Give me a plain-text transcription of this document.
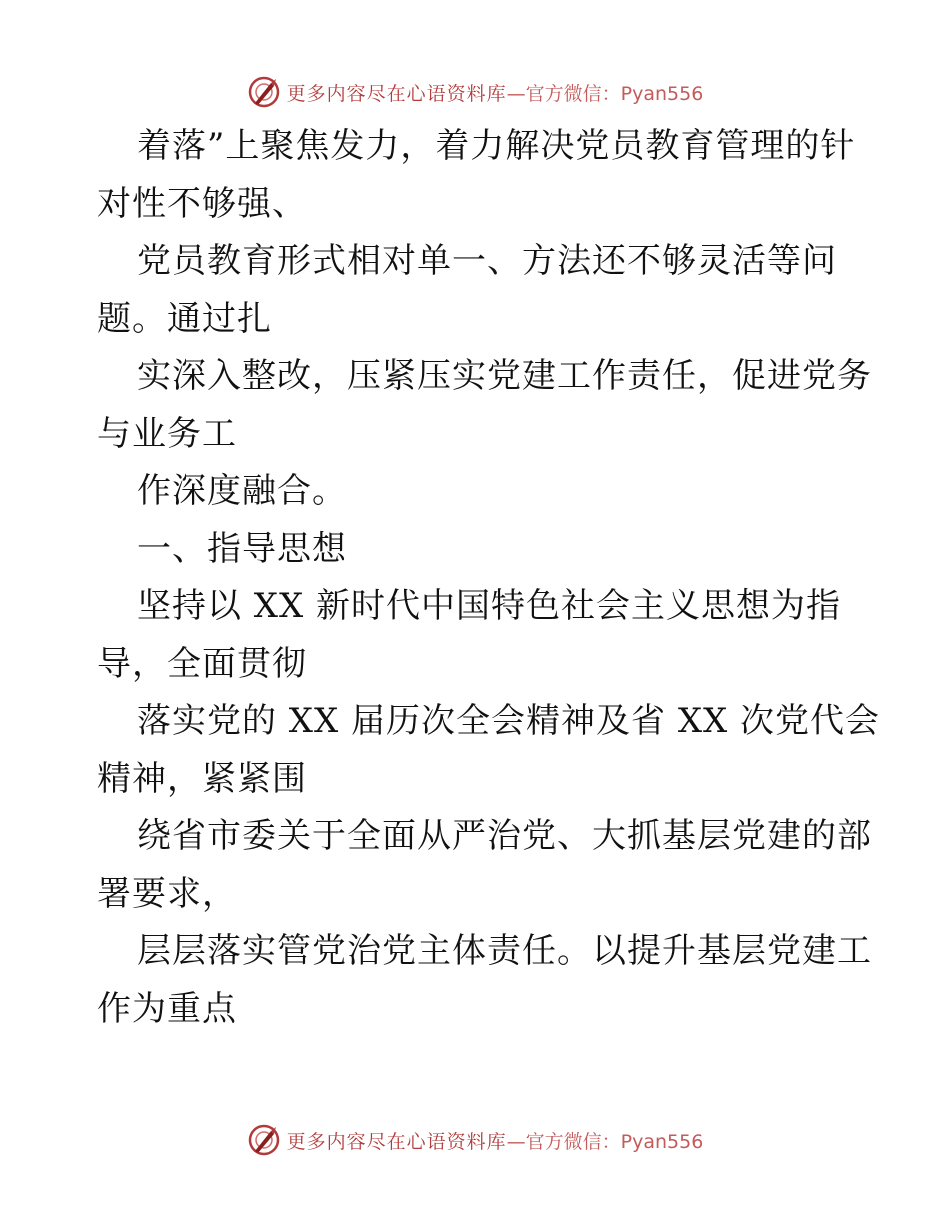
更多内容尽在心语资料库 —官方微信：Pyan556
着落”上聚焦发力，着力解决党员教育管理的针
对性不够强、
党员教育形式相对单一、方法还不够灵活等问
题。通过扎
实深入整改，压紧压实党建工作责任，促进党务
与业务工
作深度融合。
一、指导思想
坚持以 XX 新时代中国特色社会主义思想为指
导，全面贯彻
落实党的 XX 届历次全会精神及省 XX 次党代会
精神，紧紧围
绕省市委关于全面从严治党、大抓基层党建的部
署要求，
层层落实管党治党主体责任。以提升基层党建工
作为重点
更多内容尽在心语资料库 —官方微信：Pyan556
